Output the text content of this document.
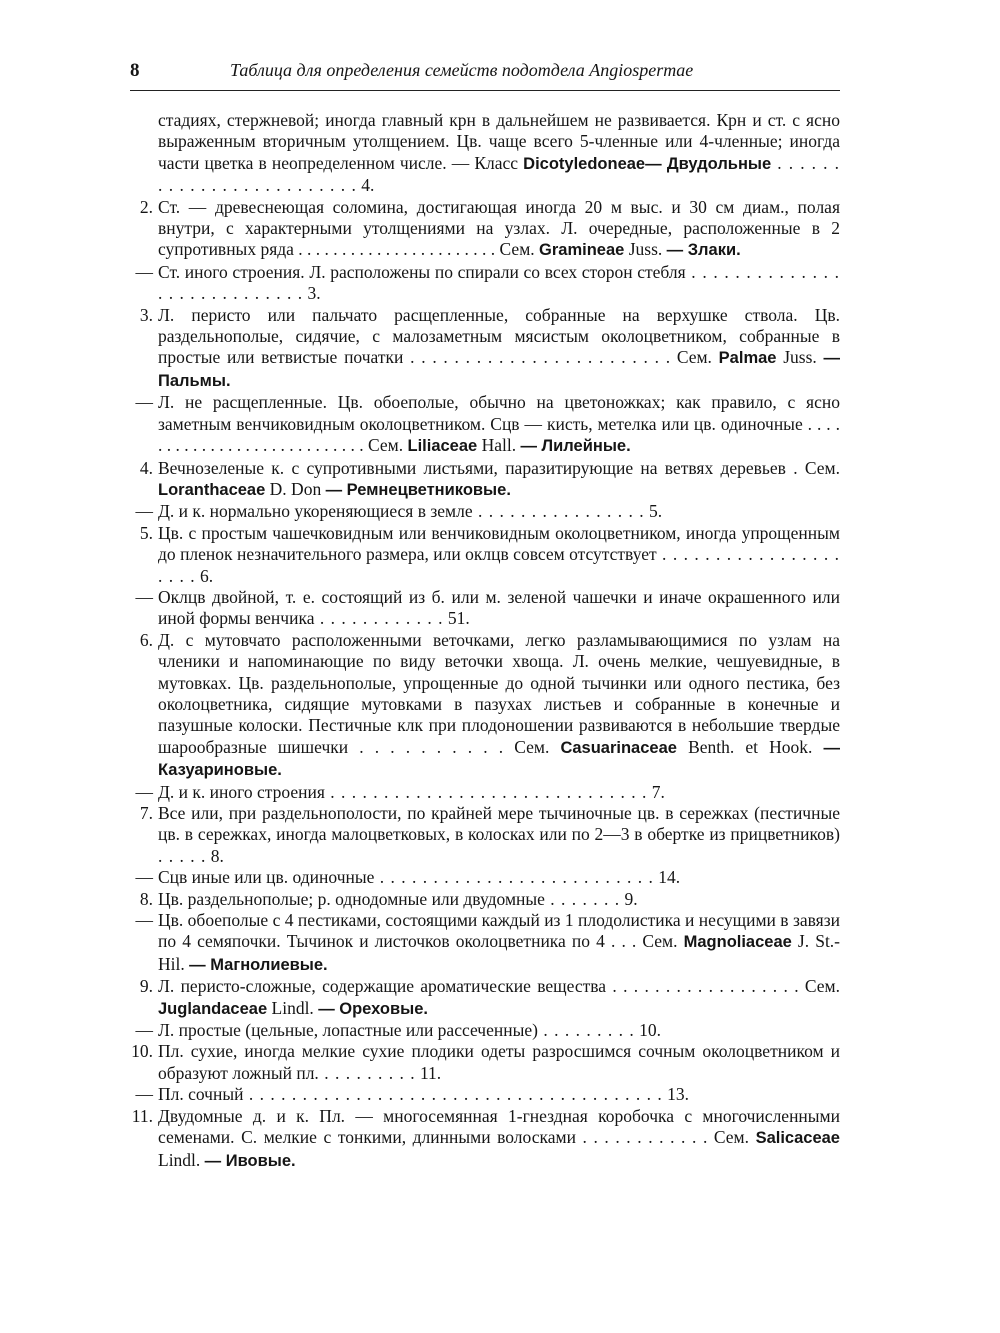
8	Таблица для определения семейств подотдела Angiospermae
стадиях, стержневой; иногда главный крн в дальнейшем не развивается. Крн и ст. с ясно выраженным вторичным утолщением. Цв. чаще всего 5-членные или 4-членные; иногда части цветка в неопределенном числе. — Класс Dicotyledoneae— Двудольные . . . . . . . . . . . . . . . . . . . . . . . . . 4.
2. Ст. — древеснеющая соломина, достигающая иногда 20 м выс. и 30 см диам., полая внутри, с характерными утолщениями на узлах. Л. очередные, расположенные в 2 супротивных ряда . . . . . . . . . . . . . . . . . . . . . . . Сем. Gramineae Juss. — Злаки.
— Ст. иного строения. Л. расположены по спирали со всех сторон стебля . . . . . . . . . . . . . . . . . . . . . . . . . . . . 3.
3. Л. перисто или пальчато расщепленные, собранные на верхушке ствола. Цв. раздельнополые, сидячие, с малозаметным мясистым околоцветником, собранные в простые или ветвистые початки . . . . . . . . . . . . . . . . . . . . . . . . Сем. Palmae Juss. — Пальмы.
— Л. не расщепленные. Цв. обоеполые, обычно на цветоножках; как правило, с ясно заметным венчиковидным околоцветником. Сцв — кисть, метелка или цв. одиночные . . . . . . . . . . . . . . . . . . . . . . . . . . . . Сем. Liliaceae Hall. — Лилейные.
4. Вечнозеленые к. с супротивными листьями, паразитирующие на ветвях деревьев . Сем. Loranthaceae D. Don — Ремнецветниковые.
— Д. и к. нормально укореняющиеся в земле . . . . . . . . . . . . . . . . 5.
5. Цв. с простым чашечковидным или венчиковидным околоцветником, иногда упрощенным до пленок незначительного размера, или оклцв совсем отсутствует . . . . . . . . . . . . . . . . . . . . . 6.
— Оклцв двойной, т. е. состоящий из б. или м. зеленой чашечки и иначе окрашенного или иной формы венчика . . . . . . . . . . . . 51.
6. Д. с мутовчато расположенными веточками, легко разламывающимися по узлам на членики и напоминающие по виду веточки хвоща. Л. очень мелкие, чешуевидные, в мутовках. Цв. раздельнополые, упрощенные до одной тычинки или одного пестика, без околоцветника, сидящие мутовками в пазухах листьев и собранные в конечные и пазушные колоски. Пестичные клк при плодоношении развиваются в небольшие твердые шарообразные шишечки . . . . . . . . . . Сем. Casuarinaceae Benth. et Hook. — Казуариновые.
— Д. и к. иного строения . . . . . . . . . . . . . . . . . . . . . . . . . . . . . . 7.
7. Все или, при раздельнополости, по крайней мере тычиночные цв. в сережках (пестичные цв. в сережках, иногда малоцветковых, в колосках или по 2—3 в обертке из прицветников) . . . . . 8.
— Сцв иные или цв. одиночные . . . . . . . . . . . . . . . . . . . . . . . . . . 14.
8. Цв. раздельнополые; р. однодомные или двудомные . . . . . . . 9.
— Цв. обоеполые с 4 пестиками, состоящими каждый из 1 плодолистика и несущими в завязи по 4 семяпочки. Тычинок и листочков околоцветника по 4 . . . Сем. Magnoliaceae J. St.-Hil. — Магнолиевые.
9. Л. перисто-сложные, содержащие ароматические вещества . . . . . . . . . . . . . . . . . . Сем. Juglandaceae Lindl. — Ореховые.
— Л. простые (цельные, лопастные или рассеченные) . . . . . . . . . 10.
10. Пл. сухие, иногда мелкие сухие плодики одеты разросшимся сочным околоцветником и образуют ложный пл. . . . . . . . . . 11.
— Пл. сочный . . . . . . . . . . . . . . . . . . . . . . . . . . . . . . . . . . . . . . . 13.
11. Двудомные д. и к. Пл. — многосемянная 1-гнездная коробочка с многочисленными семенами. С. мелкие с тонкими, длинными волосками . . . . . . . . . . . . Сем. Salicaceae Lindl. — Ивовые.
